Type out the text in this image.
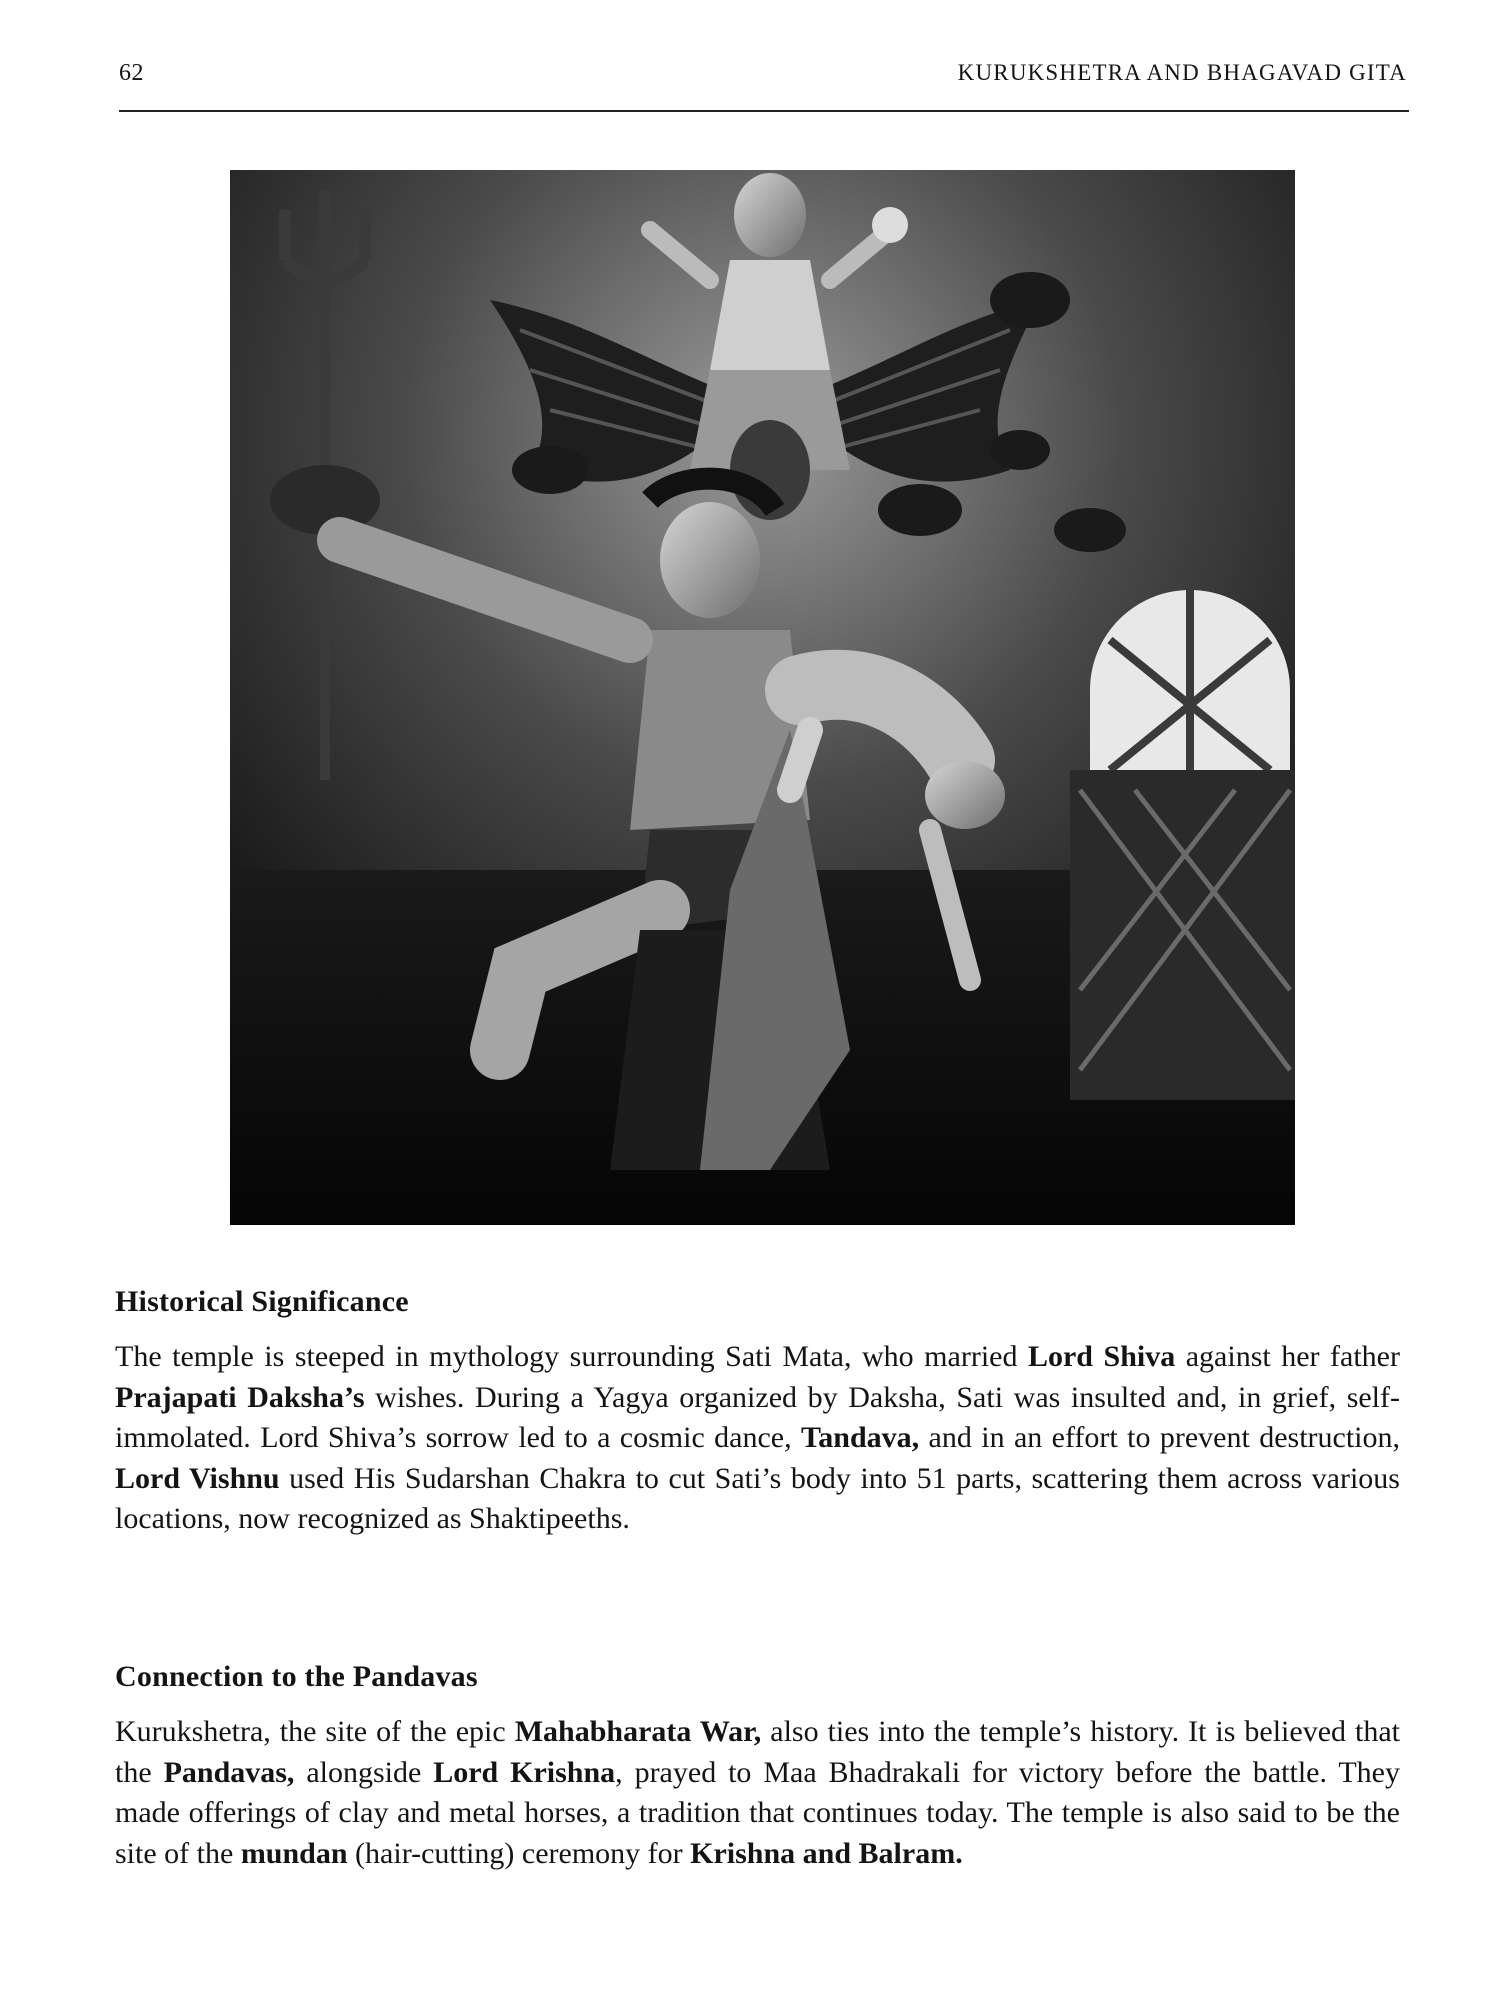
62	KURUKSHETRA AND BHAGAVAD GITA
Historical Significance

The temple is steeped in mythology surrounding Sati Mata, who married Lord Shiva against her father Prajapati Daksha’s wishes. During a Yagya organized by Daksha, Sati was insulted and, in grief, self-immolated. Lord Shiva’s sorrow led to a cosmic dance, Tandava, and in an effort to prevent destruction, Lord Vishnu used His Sudarshan Chakra to cut Sati’s body into 51 parts, scattering them across various locations, now recognized as Shaktipeeths.

Connection to the Pandavas

Kurukshetra, the site of the epic Mahabharata War, also ties into the temple’s history. It is believed that the Pandavas, alongside Lord Krishna, prayed to Maa Bhadrakali for victory before the battle. They made offerings of clay and metal horses, a tradition that continues today. The temple is also said to be the site of the mundan (hair-cutting) ceremony for Krishna and Balram.
